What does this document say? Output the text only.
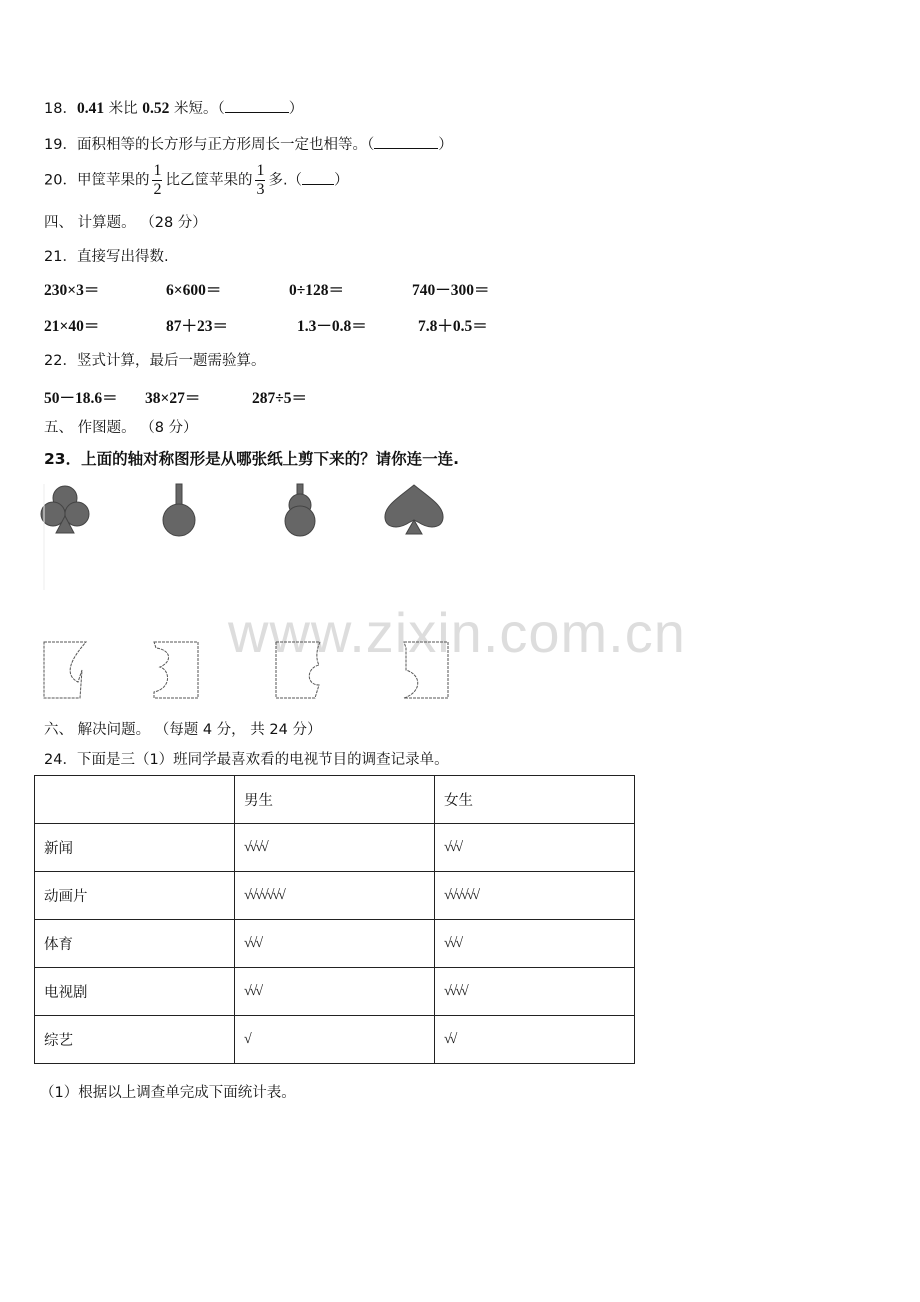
18．0.41 米比 0.52 米短。（	）
19．面积相等的长方形与正方形周长一定也相等。（	）
20．甲筐苹果的 $\frac{1}{2}$ 比乙筐苹果的 $\frac{1}{3}$ 多.（ ）
四、 计算题。 （28 分）
21．直接写出得数.
230×3＝	6×600＝	0÷128＝	740－300＝
21×40＝	87＋23＝	1.3－0.8＝	7.8＋0.5＝
22．竖式计算，最后一题需验算。
50－18.6＝ 38×27＝	287÷5＝
五、 作图题。 （8 分）
23．上面的轴对称图形是从哪张纸上剪下来的？请你连一连.
www.zixin.com.cn
六、 解决问题。 （每题 4 分， 共 24 分）
24．下面是三（1）班同学最喜欢看的电视节目的调查记录单。
	男生	女生
新闻	√√√√	√√√
动画片	√√√√√√√	√√√√√√
体育	√√√	√√√
电视剧	√√√	√√√√
综艺	√	√√
（1）根据以上调查单完成下面统计表。
